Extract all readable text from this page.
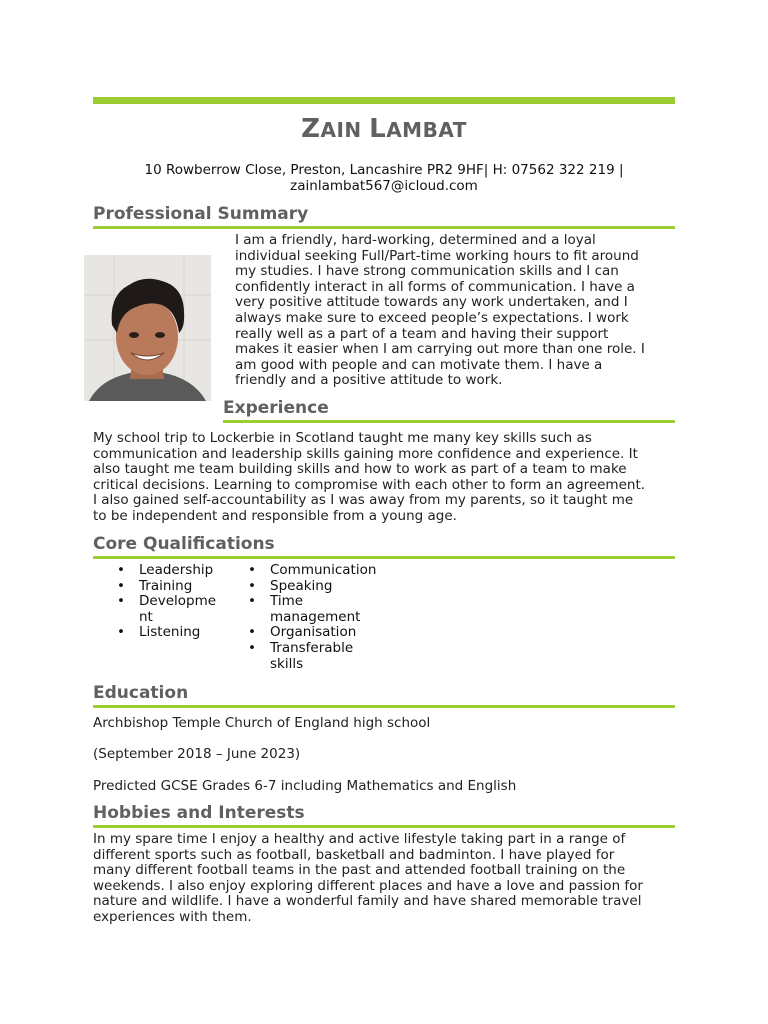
ZAIN LAMBAT
10 Rowberrow Close, Preston, Lancashire PR2 9HF| H: 07562 322 219 |
zainlambat567@icloud.com
Professional Summary
I am a friendly, hard-working, determined and a loyal
individual seeking Full/Part-time working hours to fit around
my studies. I have strong communication skills and I can
confidently interact in all forms of communication. I have a
very positive attitude towards any work undertaken, and I
always make sure to exceed people’s expectations. I work
really well as a part of a team and having their support
makes it easier when I am carrying out more than one role. I
am good with people and can motivate them. I have a
friendly and a positive attitude to work.
Experience
My school trip to Lockerbie in Scotland taught me many key skills such as
communication and leadership skills gaining more confidence and experience. It
also taught me team building skills and how to work as part of a team to make
critical decisions. Learning to compromise with each other to form an agreement.
I also gained self-accountability as I was away from my parents, so it taught me
to be independent and responsible from a young age.
Core Qualifications
• Leadership
• Training
• Developme nt
• Listening
• Communication
• Speaking
• Time management
• Organisation
• Transferable skills
Education
Archbishop Temple Church of England high school
(September 2018 – June 2023)
Predicted GCSE Grades 6-7 including Mathematics and English
Hobbies and Interests
In my spare time I enjoy a healthy and active lifestyle taking part in a range of
different sports such as football, basketball and badminton. I have played for
many different football teams in the past and attended football training on the
weekends. I also enjoy exploring different places and have a love and passion for
nature and wildlife. I have a wonderful family and have shared memorable travel
experiences with them.
